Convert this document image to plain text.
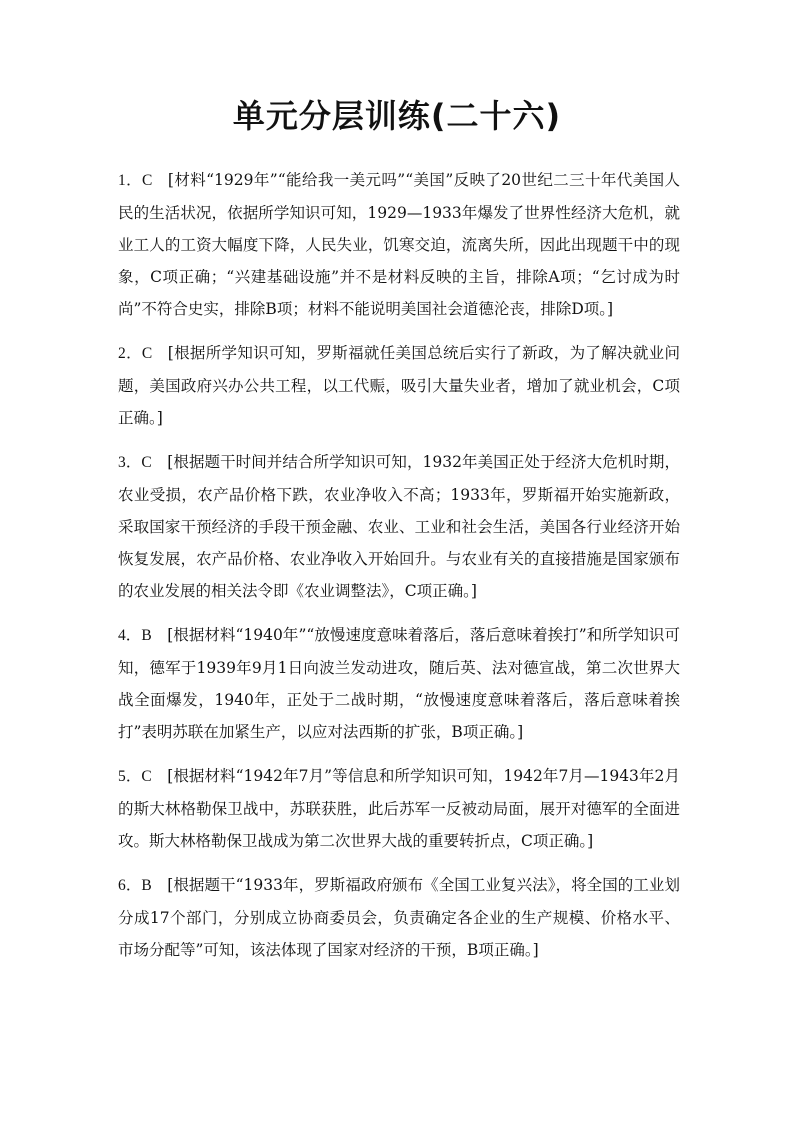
单元分层训练(二十六)

1．C  [材料“1929年”“能给我一美元吗”“美国”反映了20世纪二三十年代美国人民的生活状况，依据所学知识可知，1929—1933年爆发了世界性经济大危机，就业工人的工资大幅度下降，人民失业，饥寒交迫，流离失所，因此出现题干中的现象，C项正确；“兴建基础设施”并不是材料反映的主旨，排除A项；“乞讨成为时尚”不符合史实，排除B项；材料不能说明美国社会道德沦丧，排除D项。]

2．C  [根据所学知识可知，罗斯福就任美国总统后实行了新政，为了解决就业问题，美国政府兴办公共工程，以工代赈，吸引大量失业者，增加了就业机会，C项正确。]

3．C  [根据题干时间并结合所学知识可知，1932年美国正处于经济大危机时期，农业受损，农产品价格下跌，农业净收入不高；1933年，罗斯福开始实施新政，采取国家干预经济的手段干预金融、农业、工业和社会生活，美国各行业经济开始恢复发展，农产品价格、农业净收入开始回升。与农业有关的直接措施是国家颁布的农业发展的相关法令即《农业调整法》，C项正确。]

4．B  [根据材料“1940年”“放慢速度意味着落后，落后意味着挨打”和所学知识可知，德军于1939年9月1日向波兰发动进攻，随后英、法对德宣战，第二次世界大战全面爆发，1940年，正处于二战时期，“放慢速度意味着落后，落后意味着挨打”表明苏联在加紧生产，以应对法西斯的扩张，B项正确。]

5．C  [根据材料“1942年7月”等信息和所学知识可知，1942年7月—1943年2月的斯大林格勒保卫战中，苏联获胜，此后苏军一反被动局面，展开对德军的全面进攻。斯大林格勒保卫战成为第二次世界大战的重要转折点，C项正确。]

6．B  [根据题干“1933年，罗斯福政府颁布《全国工业复兴法》，将全国的工业划分成17个部门，分别成立协商委员会，负责确定各企业的生产规模、价格水平、市场分配等”可知，该法体现了国家对经济的干预，B项正确。]
